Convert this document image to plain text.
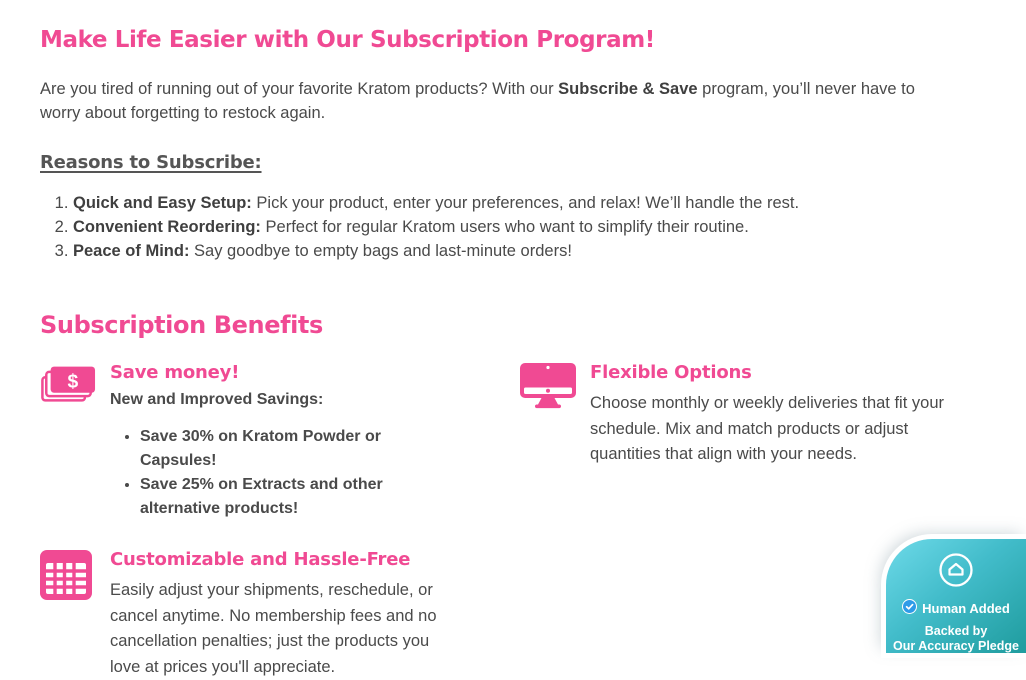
Make Life Easier with Our Subscription Program!

Are you tired of running out of your favorite Kratom products? With our Subscribe & Save program, you’ll never have to worry about forgetting to restock again.

Reasons to Subscribe:
1. Quick and Easy Setup: Pick your product, enter your preferences, and relax! We’ll handle the rest.
2. Convenient Reordering: Perfect for regular Kratom users who want to simplify their routine.
3. Peace of Mind: Say goodbye to empty bags and last-minute orders!
Subscription Benefits
$ Save money!

New and Improved Savings:

• Save 30% on Kratom Powder or Capsules!
• Save 25% on Extracts and other alternative products!
Customizable and Hassle-Free

Easily adjust your shipments, reschedule, or cancel anytime. No membership fees and no cancellation penalties; just the products you love at prices you'll appreciate.

Flexible Options

Choose monthly or weekly deliveries that fit your schedule. Mix and match products or adjust quantities that align with your needs.

Human Added
Backed by
Our Accuracy Pledge
